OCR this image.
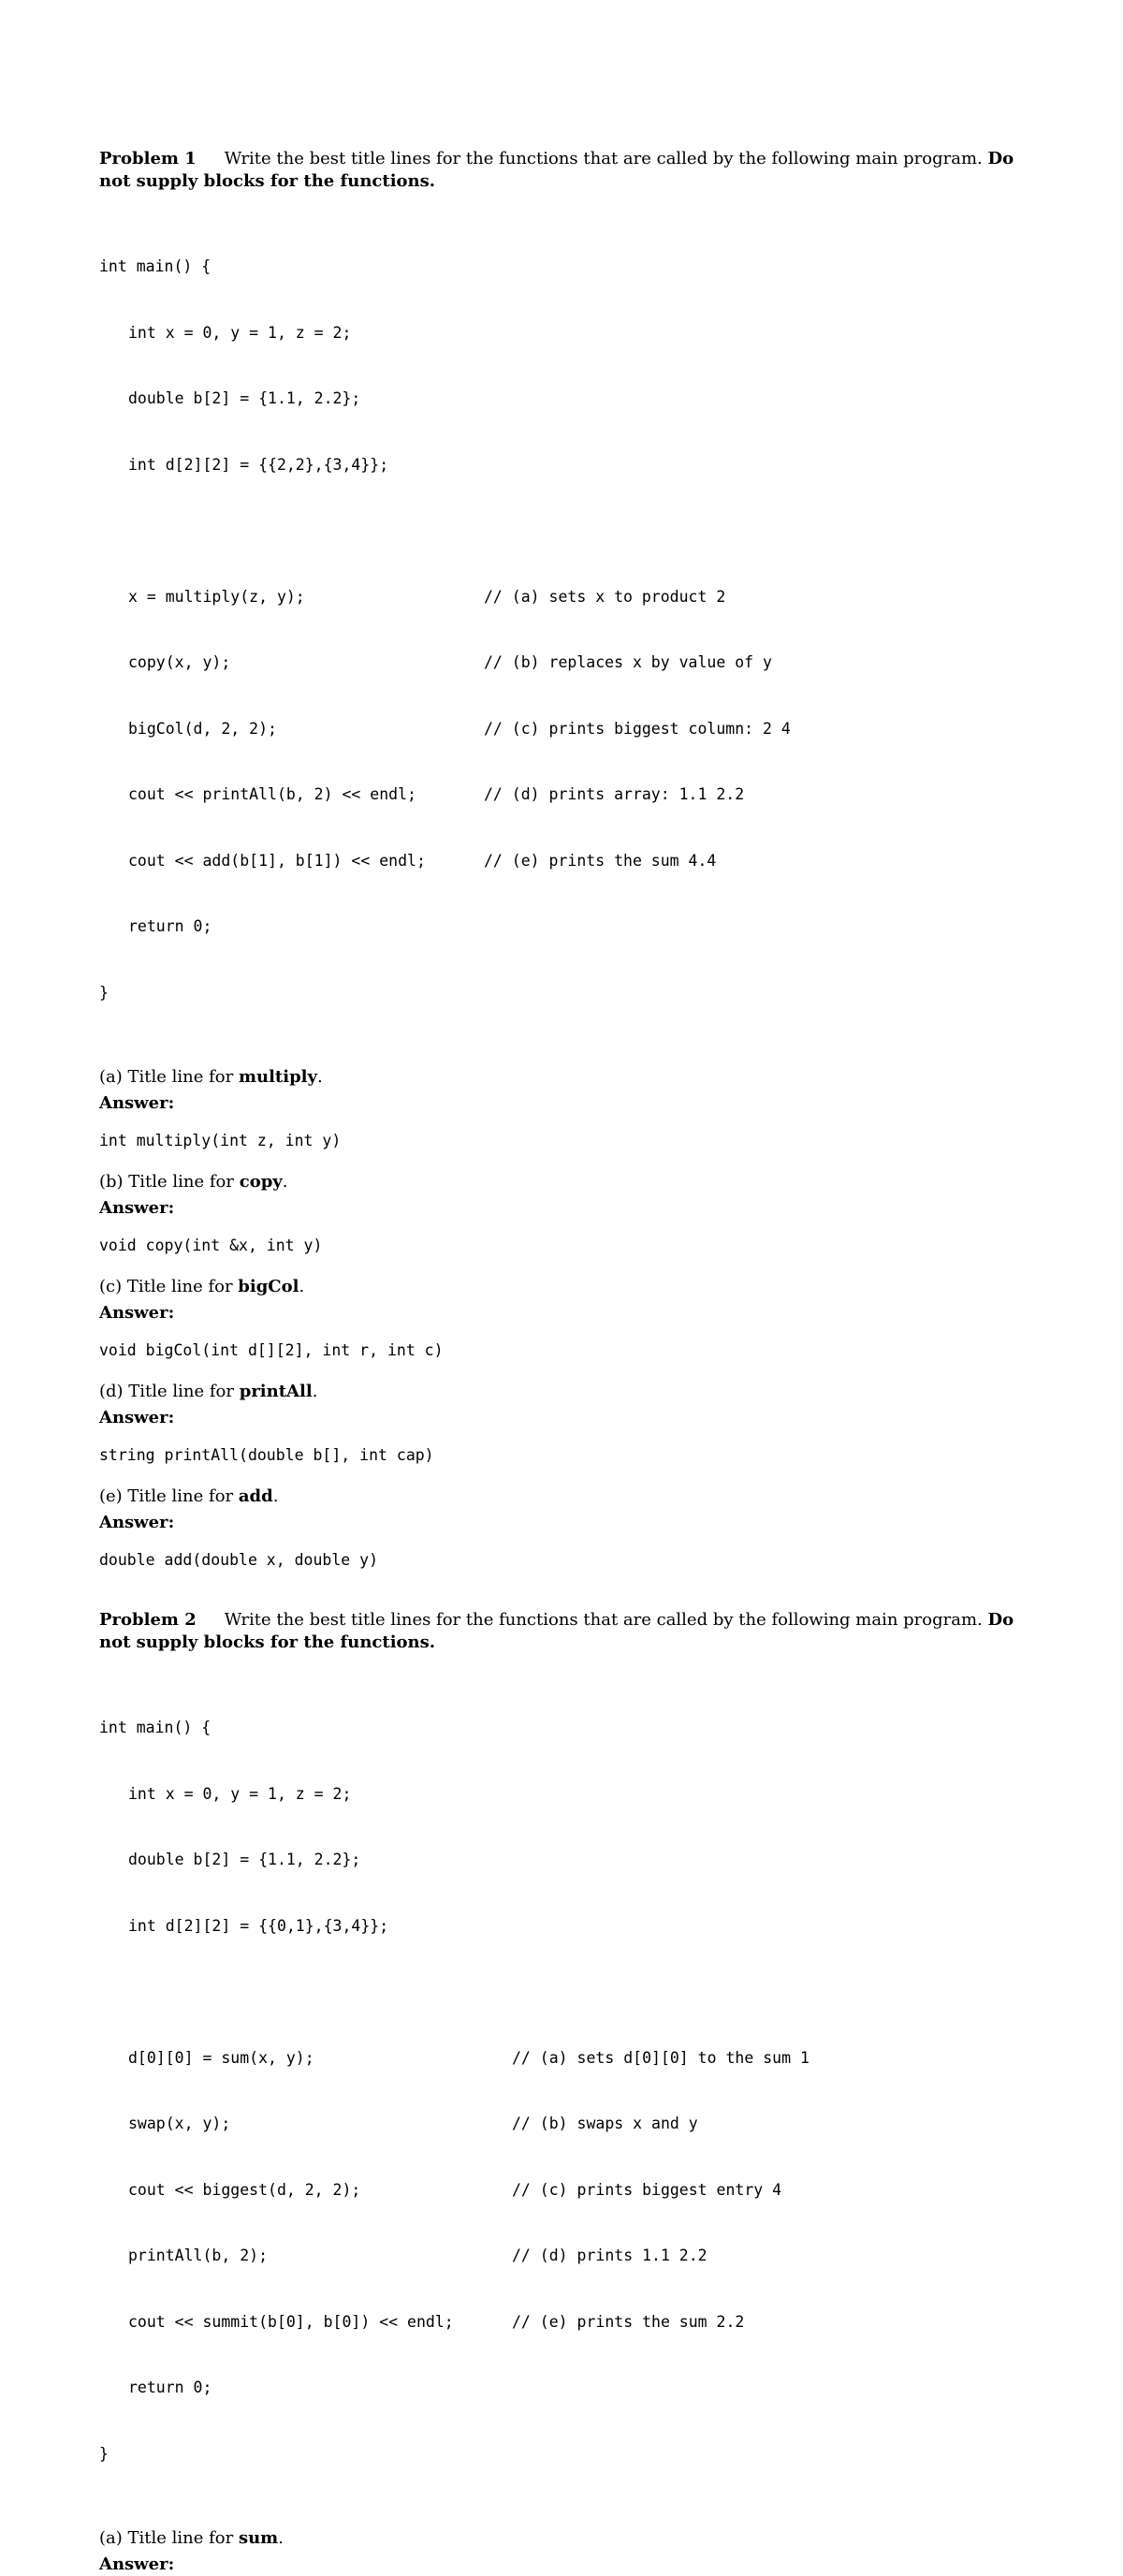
Problem 1 Write the best title lines for the functions that are called by the following main program. Do not supply blocks for the functions.

int main() {

int x = 0, y = 1, z = 2;

double b[2] = {1.1, 2.2};

int d[2][2] = {{2,2},{3,4}};

x = multiply(z, y);	// (a) sets x to product 2

copy(x, y);	// (b) replaces x by value of y

bigCol(d, 2, 2);	// (c) prints biggest column: 2 4

cout << printAll(b, 2) << endl;	// (d) prints array: 1.1 2.2

cout << add(b[1], b[1]) << endl;	// (e) prints the sum 4.4

return 0;

}

(a) Title line for multiply.
Answer:
int multiply(int z, int y)
(b) Title line for copy.
Answer:
void copy(int &x, int y)
(c) Title line for bigCol.
Answer:
void bigCol(int d[][2], int r, int c)
(d) Title line for printAll.
Answer:
string printAll(double b[], int cap)
(e) Title line for add.
Answer:
double add(double x, double y)

Problem 2 Write the best title lines for the functions that are called by the following main program. Do not supply blocks for the functions.

int main() {

int x = 0, y = 1, z = 2;

double b[2] = {1.1, 2.2};

int d[2][2] = {{0,1},{3,4}};

d[0][0] = sum(x, y);	// (a) sets d[0][0] to the sum 1

swap(x, y);	// (b) swaps x and y

cout << biggest(d, 2, 2);	// (c) prints biggest entry 4

printAll(b, 2);	// (d) prints 1.1 2.2

cout << summit(b[0], b[0]) << endl;	// (e) prints the sum 2.2

return 0;

}

(a) Title line for sum.
Answer:
